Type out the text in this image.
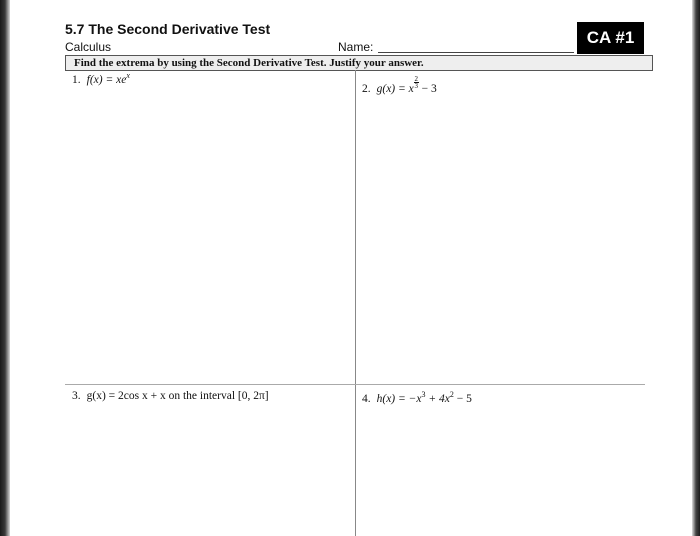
5.7 The Second Derivative Test
Calculus	Name:	CA #1
Find the extrema by using the Second Derivative Test. Justify your answer.
1. $f(x) = xe^x$
2. g(x) = x $\frac{2}{3} - 3$
3. g(x) = 2cos x + x on the interval [0, 2π]	4. $h(x) = -x^3 + 4x^2 - 5$
